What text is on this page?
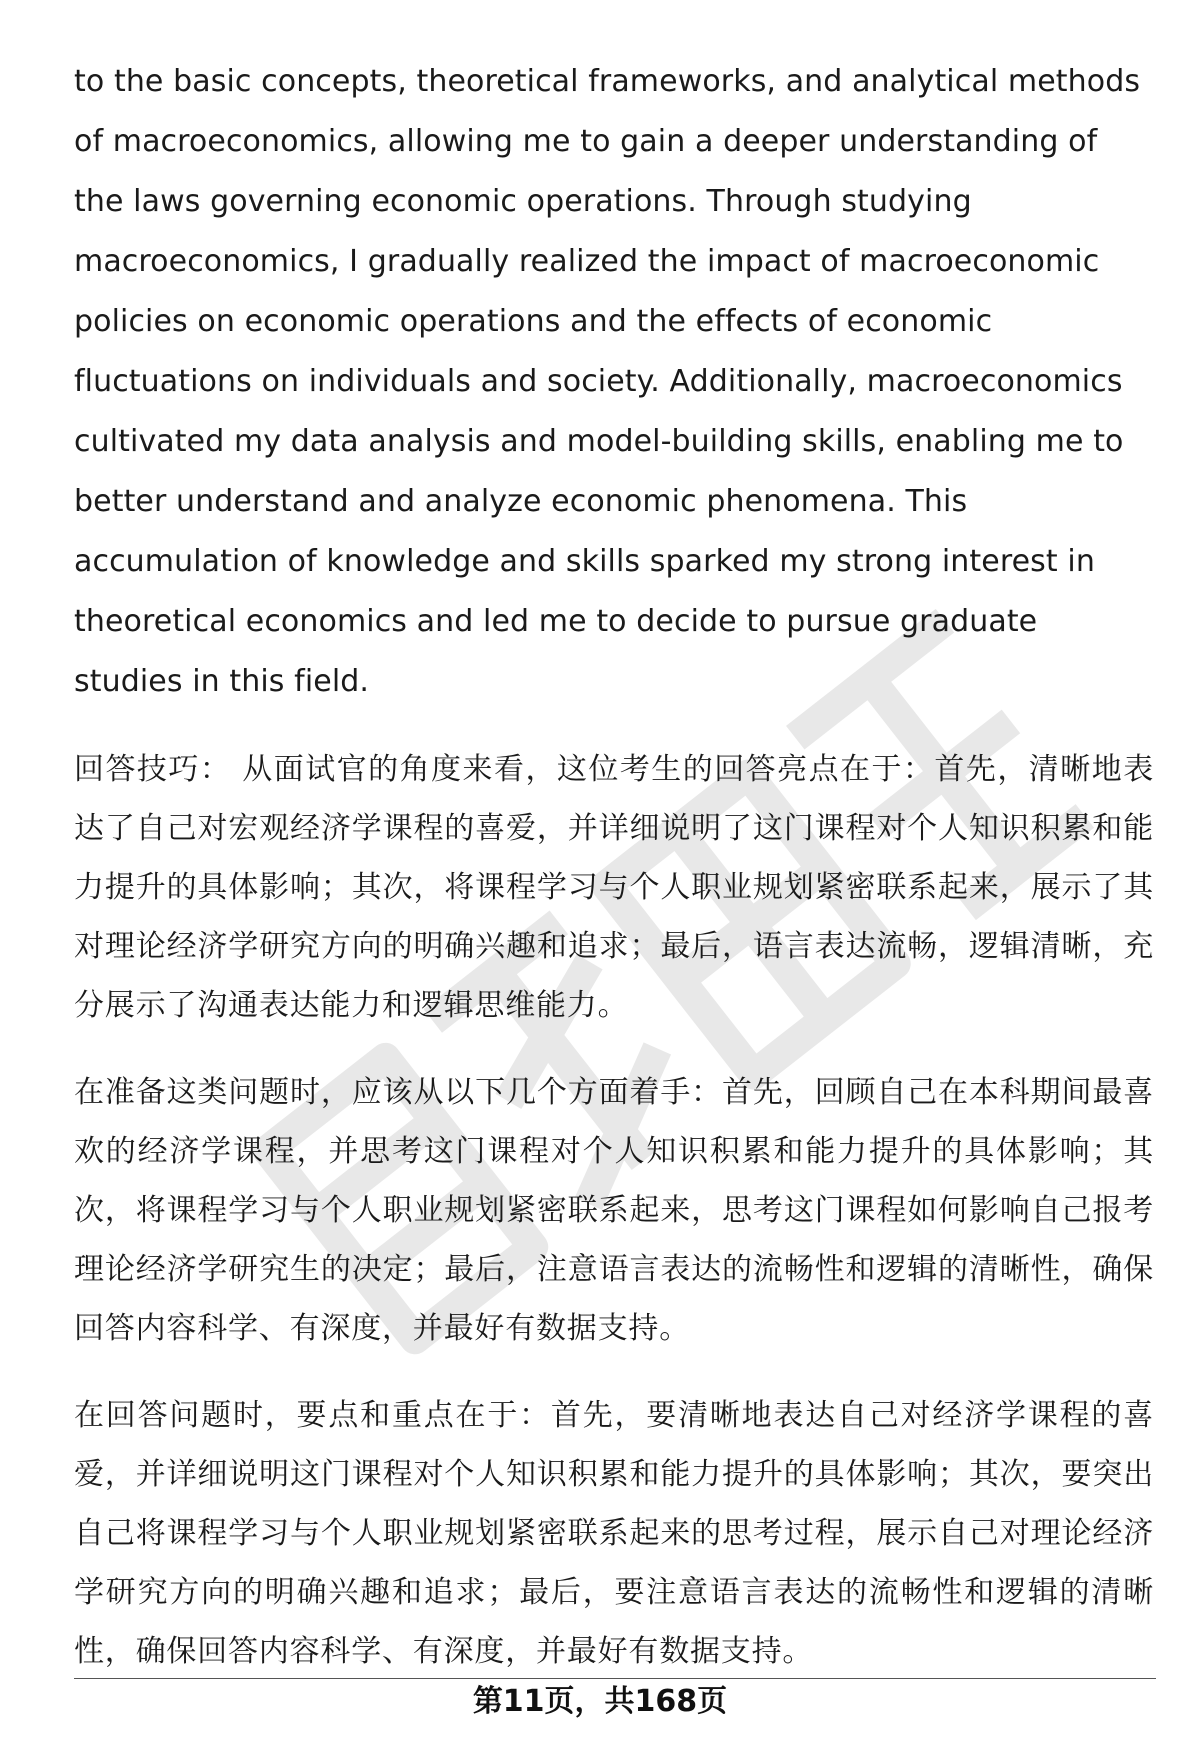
to the basic concepts, theoretical frameworks, and analytical methods of macroeconomics, allowing me to gain a deeper understanding of the laws governing economic operations. Through studying macroeconomics, I gradually realized the impact of macroeconomic policies on economic operations and the effects of economic fluctuations on individuals and society. Additionally, macroeconomics cultivated my data analysis and model-building skills, enabling me to better understand and analyze economic phenomena. This accumulation of knowledge and skills sparked my strong interest in theoretical economics and led me to decide to pursue graduate studies in this field.

回答技巧： 从面试官的角度来看，这位考生的回答亮点在于：首先，清晰地表达了自己对宏观经济学课程的喜爱，并详细说明了这门课程对个人知识积累和能力提升的具体影响；其次，将课程学习与个人职业规划紧密联系起来，展示了其对理论经济学研究方向的明确兴趣和追求；最后，语言表达流畅，逻辑清晰，充分展示了沟通表达能力和逻辑思维能力。

在准备这类问题时，应该从以下几个方面着手：首先，回顾自己在本科期间最喜欢的经济学课程，并思考这门课程对个人知识积累和能力提升的具体影响；其次，将课程学习与个人职业规划紧密联系起来，思考这门课程如何影响自己报考理论经济学研究生的决定；最后，注意语言表达的流畅性和逻辑的清晰性，确保回答内容科学、有深度，并最好有数据支持。

在回答问题时，要点和重点在于：首先，要清晰地表达自己对经济学课程的喜爱，并详细说明这门课程对个人知识积累和能力提升的具体影响；其次，要突出自己将课程学习与个人职业规划紧密联系起来的思考过程，展示自己对理论经济学研究方向的明确兴趣和追求；最后，要注意语言表达的流畅性和逻辑的清晰性，确保回答内容科学、有深度，并最好有数据支持。

第11页，共168页
